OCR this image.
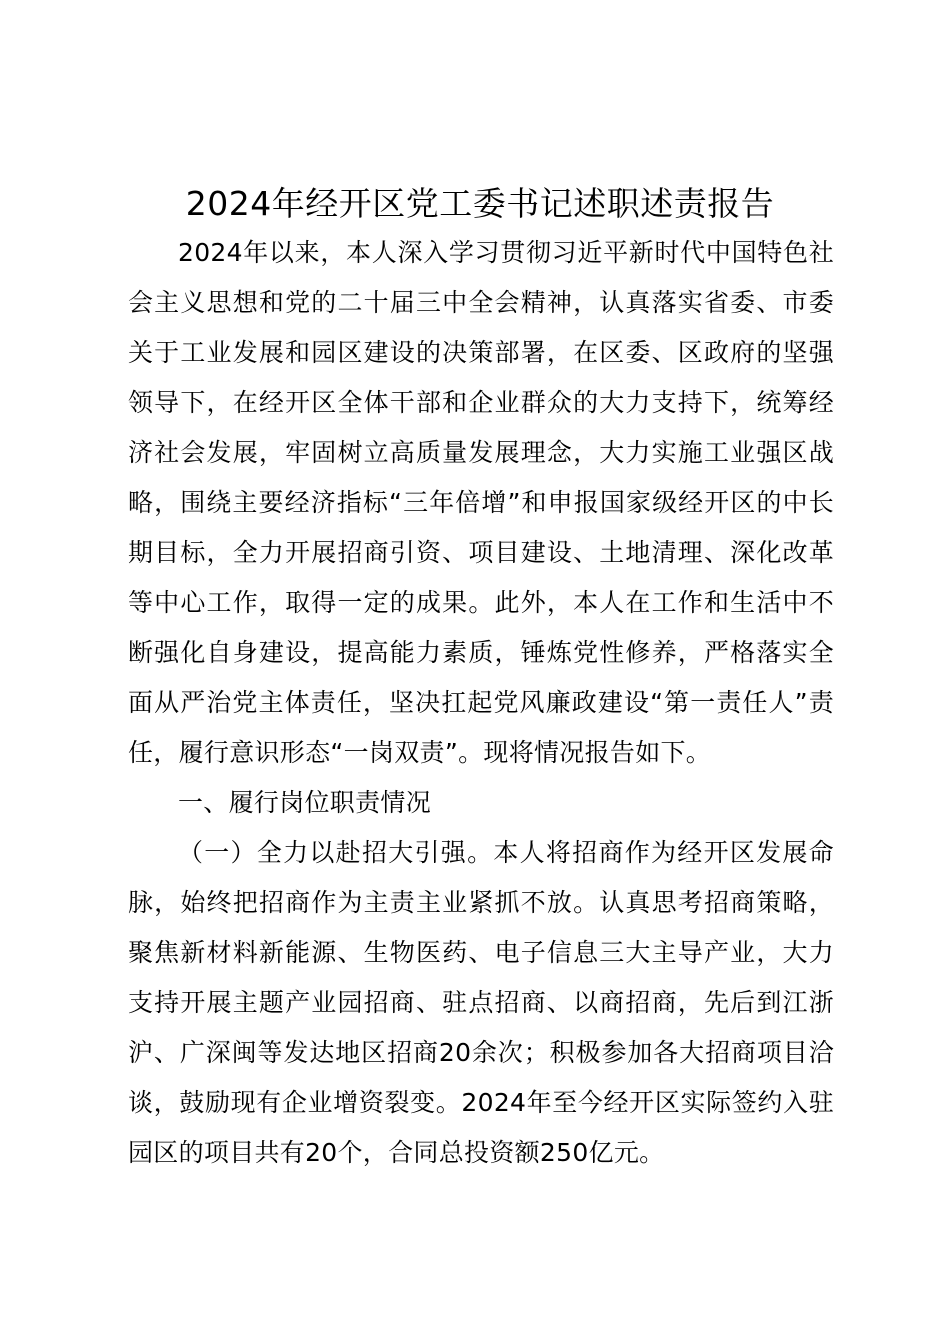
2024年经开区党工委书记述职述责报告

2024年以来，本人深入学习贯彻习近平新时代中国特色社会主义思想和党的二十届三中全会精神，认真落实省委、市委关于工业发展和园区建设的决策部署，在区委、区政府的坚强领导下，在经开区全体干部和企业群众的大力支持下，统筹经济社会发展，牢固树立高质量发展理念，大力实施工业强区战略，围绕主要经济指标“三年倍增”和申报国家级经开区的中长期目标，全力开展招商引资、项目建设、土地清理、深化改革等中心工作，取得一定的成果。此外，本人在工作和生活中不断强化自身建设，提高能力素质，锤炼党性修养，严格落实全面从严治党主体责任，坚决扛起党风廉政建设“第一责任人”责任，履行意识形态“一岗双责”。现将情况报告如下。

一、履行岗位职责情况

（一）全力以赴招大引强。本人将招商作为经开区发展命脉，始终把招商作为主责主业紧抓不放。认真思考招商策略，聚焦新材料新能源、生物医药、电子信息三大主导产业，大力支持开展主题产业园招商、驻点招商、以商招商，先后到江浙沪、广深闽等发达地区招商20余次；积极参加各大招商项目洽谈，鼓励现有企业增资裂变。2024年至今经开区实际签约入驻园区的项目共有20个，合同总投资额250亿元。
